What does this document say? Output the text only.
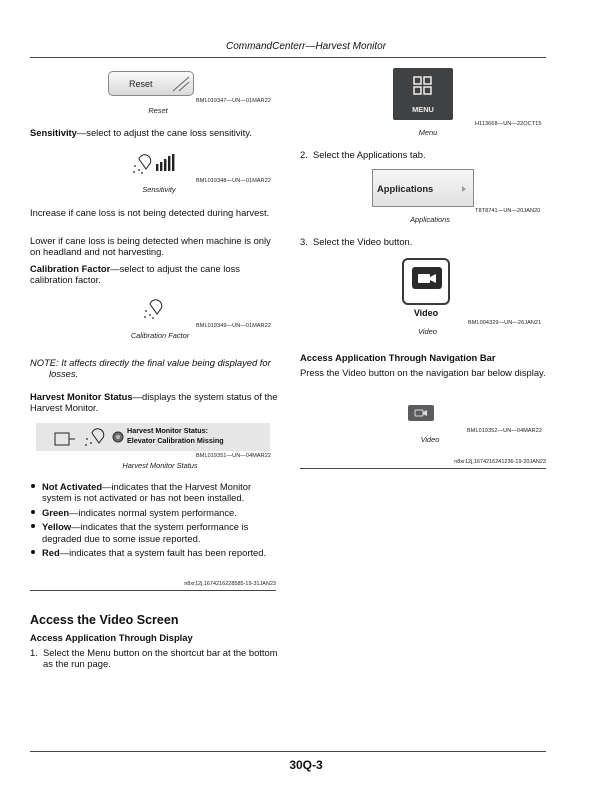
CommandCenterr—Harvest Monitor
Reset
BML019347—UN—01MAR22
Reset
Sensitivity—select to adjust the cane loss sensitivity.
BML019348—UN—01MAR22
Sensitivity
Increase if cane loss is not being detected during harvest.
Lower if cane loss is being detected when machine is only on headland and not harvesting.
Calibration Factor—select to adjust the cane loss calibration factor.
BML019349—UN—01MAR22
Calibration Factor
NOTE: It affects directly the final value being displayed for losses.
Harvest Monitor Status—displays the system status of the Harvest Monitor.
Harvest Monitor Status:
Elevator Calibration Missing
BML019351—UN—04MAR22
Harvest Monitor Status
Not Activated—indicates that the Harvest Monitor system is not activated or has not been installed.
Green—indicates normal system performance.
Yellow—indicates that the system performance is degraded due to some issue reported.
Red—indicates that a system fault has been reported.
n8xr12j,1674216228585-19-31JAN23
Access the Video Screen
Access Application Through Display
1. Select the Menu button on the shortcut bar at the bottom as the run page.
MENU
H113668—UN—22OCT15
Menu
2. Select the Applications tab.
Applications
T8T8741—UN—20JAN20
Applications
3. Select the Video button.
Video
BML004329—UN—26JAN21
Video
Access Application Through Navigation Bar
Press the Video button on the navigation bar below display.
BML019352—UN—04MAR22
Video
n8xr12j,1674216241236-19-20JAN23
30Q-3
